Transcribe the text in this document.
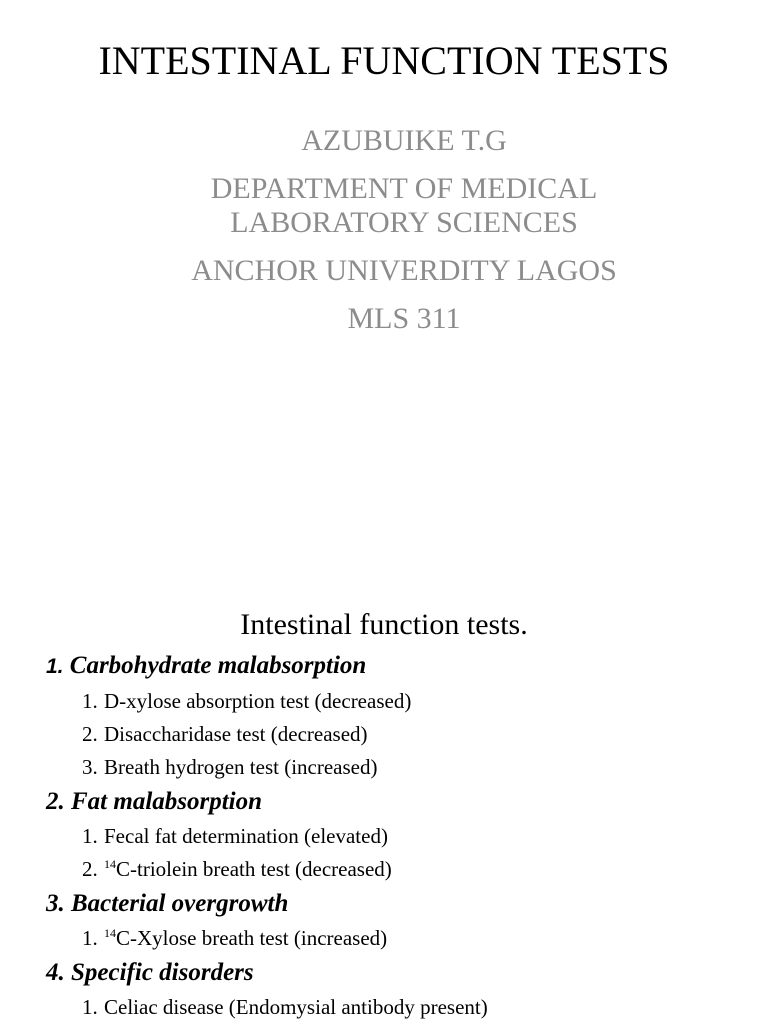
INTESTINAL FUNCTION TESTS
AZUBUIKE T.G
DEPARTMENT OF MEDICAL
LABORATORY SCIENCES
ANCHOR UNIVERDITY LAGOS
MLS 311
Intestinal function tests.
1. Carbohydrate malabsorption
1. D-xylose absorption test (decreased)
2. Disaccharidase test (decreased)
3. Breath hydrogen test (increased)
2. Fat malabsorption
1. Fecal fat determination (elevated)
2. $^{14}$C-triolein breath test (decreased)
3. Bacterial overgrowth
1. $^{14}$C-Xylose breath test (increased)
4. Specific disorders
1. Celiac disease (Endomysial antibody present)
